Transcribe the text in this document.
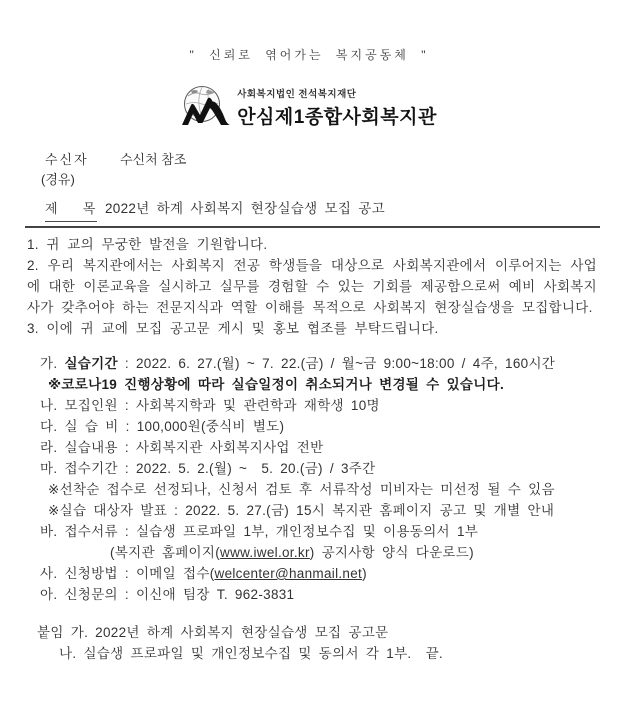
" 신뢰로 엮어가는 복지공동체 "
사회복지법인 전석복지재단
안심제1종합사회복지관
수신자 수신처 참조
(경유)
제  목 2022년 하계 사회복지 현장실습생 모집 공고

1. 귀 교의 무궁한 발전을 기원합니다.

2. 우리 복지관에서는 사회복지 전공 학생들을 대상으로 사회복지관에서 이루어지는 사업에 대한 이론교육을 실시하고 실무를 경험할 수 있는 기회를 제공함으로써 예비 사회복지사가 갖추어야 하는 전문지식과 역할 이해를 목적으로 사회복지 현장실습생을 모집합니다.

3. 이에 귀 교에 모집 공고문 게시 및 홍보 협조를 부탁드립니다.

가. 실습기간 : 2022. 6. 27.(월) ~ 7. 22.(금) / 월~금 9:00~18:00 / 4주, 160시간
※코로나19 진행상황에 따라 실습일정이 취소되거나 변경될 수 있습니다.
나. 모집인원 : 사회복지학과 및 관련학과 재학생 10명
다. 실 습 비 : 100,000원(중식비 별도)
라. 실습내용 : 사회복지관 사회복지사업 전반
마. 접수기간 : 2022. 5. 2.(월) ~  5. 20.(금) / 3주간
※선착순 접수로 선정되나, 신청서 검토 후 서류작성 미비자는 미선정 될 수 있음
※실습 대상자 발표 : 2022. 5. 27.(금) 15시 복지관 홈페이지 공고 및 개별 안내
바. 접수서류 : 실습생 프로파일 1부, 개인정보수집 및 이용동의서 1부
(복지관 홈페이지(www.iwel.or.kr) 공지사항 양식 다운로드)
사. 신청방법 : 이메일 접수(welcenter@hanmail.net)
아. 신청문의 : 이신애 팀장 T. 962-3831
붙임 가. 2022년 하계 사회복지 현장실습생 모집 공고문
나. 실습생 프로파일 및 개인정보수집 및 동의서 각 1부.  끝.
